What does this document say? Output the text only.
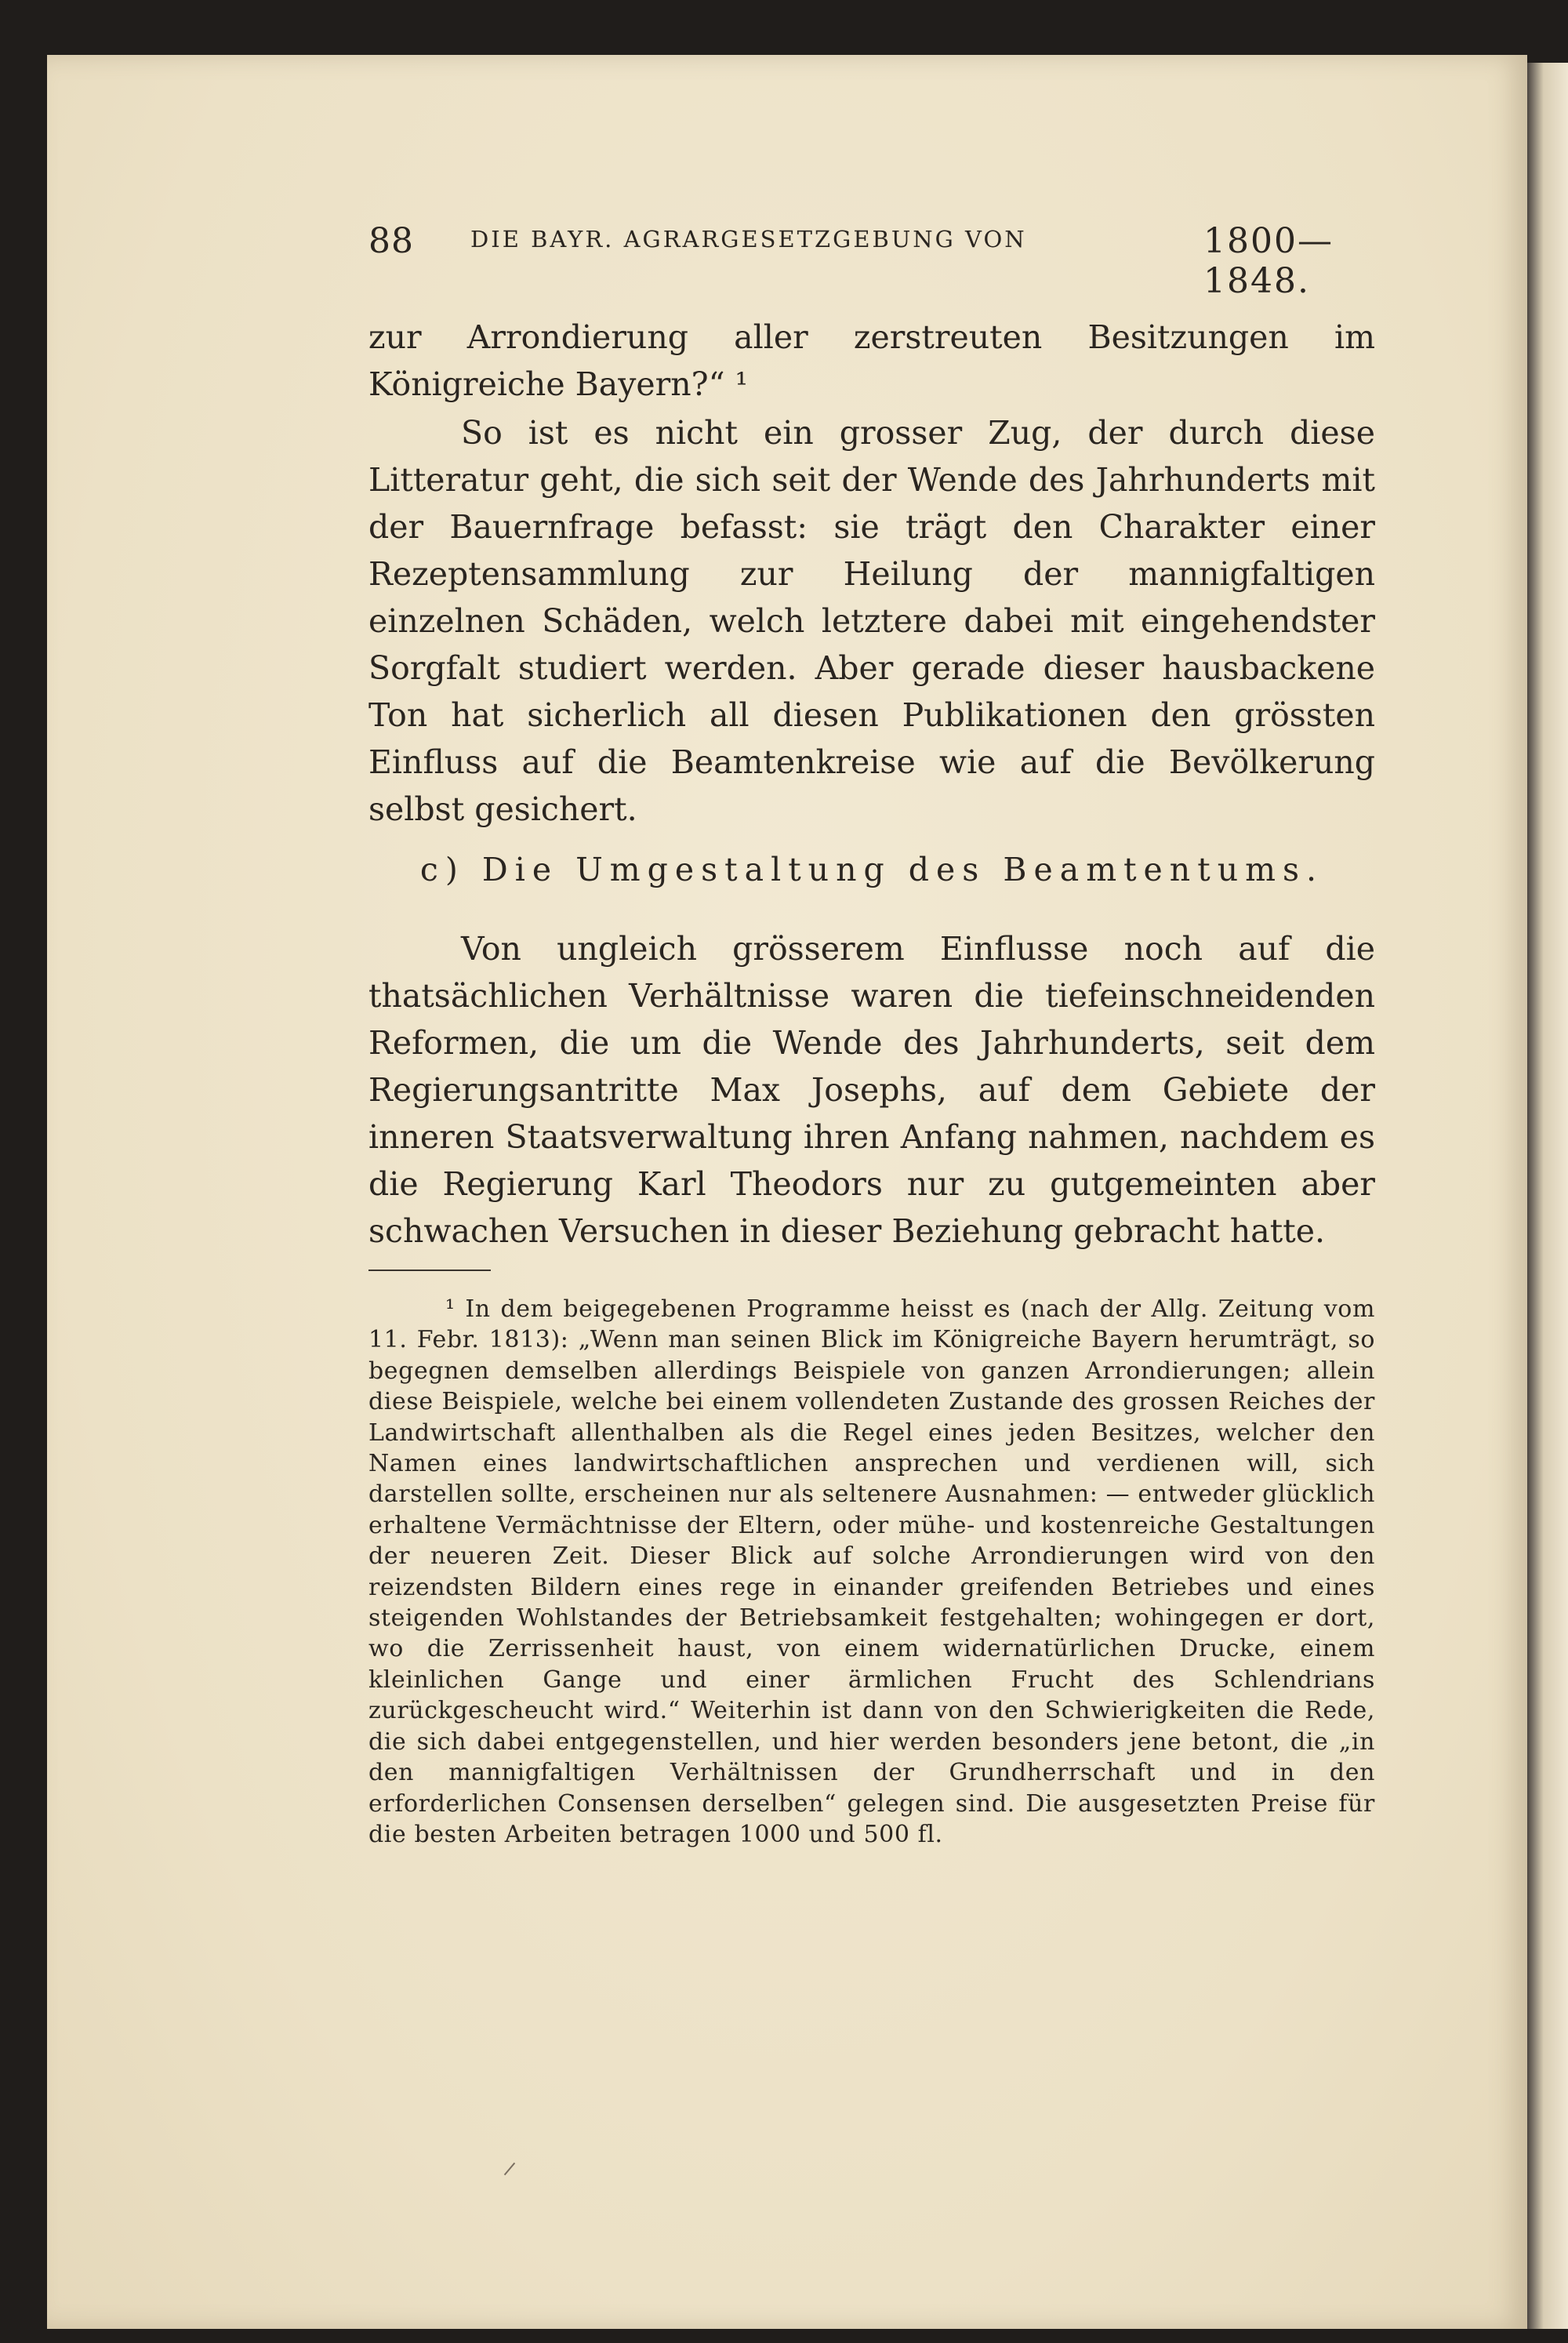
88 DIE BAYR. AGRARGESETZGEBUNG VON	1800—1848.

zur Arrondierung aller zerstreuten Besitzungen im Königreiche Bayern?“ ¹

So ist es nicht ein grosser Zug, der durch diese Litteratur geht, die sich seit der Wende des Jahrhunderts mit der Bauernfrage befasst: sie trägt den Charakter einer Rezeptensammlung zur Heilung der mannigfaltigen einzelnen Schäden, welch letztere dabei mit eingehendster Sorgfalt studiert werden. Aber gerade dieser hausbackene Ton hat sicherlich all diesen Publikationen den grössten Einfluss auf die Beamtenkreise wie auf die Bevölkerung selbst gesichert.

c) Die Umgestaltung des Beamtentums.

Von ungleich grösserem Einflusse noch auf die thatsächlichen Verhältnisse waren die tiefeinschneidenden Reformen, die um die Wende des Jahrhunderts, seit dem Regierungsantritte Max Josephs, auf dem Gebiete der inneren Staatsverwaltung ihren Anfang nahmen, nachdem es die Regierung Karl Theodors nur zu gutgemeinten aber schwachen Versuchen in dieser Beziehung gebracht hatte.

¹ In dem beigegebenen Programme heisst es (nach der Allg. Zeitung vom 11. Febr. 1813): „Wenn man seinen Blick im Königreiche Bayern herumträgt, so begegnen demselben allerdings Beispiele von ganzen Arrondierungen; allein diese Beispiele, welche bei einem vollendeten Zustande des grossen Reiches der Landwirtschaft allenthalben als die Regel eines jeden Besitzes, welcher den Namen eines landwirtschaftlichen ansprechen und verdienen will, sich darstellen sollte, erscheinen nur als seltenere Ausnahmen: — entweder glücklich erhaltene Vermächtnisse der Eltern, oder mühe- und kostenreiche Gestaltungen der neueren Zeit. Dieser Blick auf solche Arrondierungen wird von den reizendsten Bildern eines rege in einander greifenden Betriebes und eines steigenden Wohlstandes der Betriebsamkeit festgehalten; wohingegen er dort, wo die Zerrissenheit haust, von einem widernatürlichen Drucke, einem kleinlichen Gange und einer ärmlichen Frucht des Schlendrians zurückgescheucht wird.“ Weiterhin ist dann von den Schwierigkeiten die Rede, die sich dabei entgegenstellen, und hier werden besonders jene betont, die „in den mannigfaltigen Verhältnissen der Grundherrschaft und in den erforderlichen Consensen derselben“ gelegen sind. Die ausgesetzten Preise für die besten Arbeiten betragen 1000 und 500 fl.
